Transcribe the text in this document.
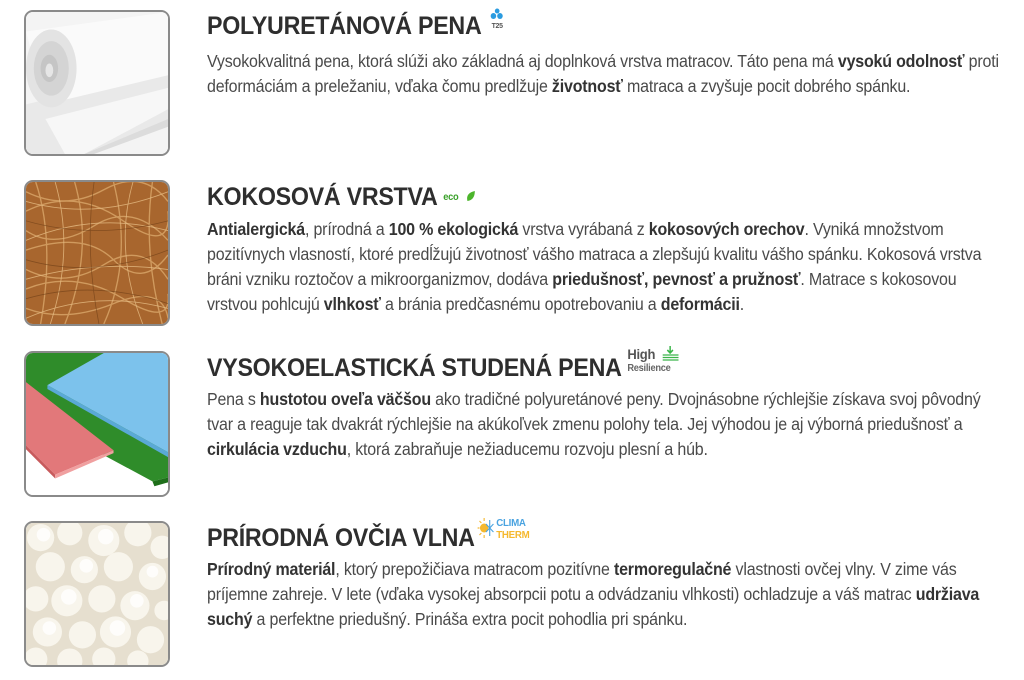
POLYURETÁNOVÁ PENA T25
Vysokokvalitná pena, ktorá slúži ako základná aj doplnková vrstva matracov. Táto pena má vysokú odolnosť proti deformáciám a preležaniu, vďaka čomu predlžuje životnosť matraca a zvyšuje pocit dobrého spánku.
KOKOSOVÁ VRSTVA eco
Antialergická, prírodná a 100 % ekologická vrstva vyrábaná z kokosových orechov. Vyniká množstvom pozitívnych vlasností, ktoré predĺžujú životnosť vášho matraca a zlepšujú kvalitu vášho spánku. Kokosová vrstva bráni vzniku roztočov a mikroorganizmov, dodáva priedušnosť, pevnosť a pružnosť. Matrace s kokosovou vrstvou pohlcujú vlhkosť a bránia predčasnému opotrebovaniu a deformácii.
VYSOKOELASTICKÁ STUDENÁ PENA High
Resilience
Pena s hustotou oveľa väčšou ako tradičné polyuretánové peny. Dvojnásobne rýchlejšie získava svoj pôvodný tvar a reaguje tak dvakrát rýchlejšie na akúkoľvek zmenu polohy tela. Jej výhodou je aj výborná priedušnosť a cirkulácia vzduchu, ktorá zabraňuje nežiaducemu rozvoju plesní a húb.
PRÍRODNÁ OVČIA VLNA
CLIMA
THERM
Prírodný materiál, ktorý prepožičiava matracom pozitívne termoregulačné vlastnosti ovčej vlny. V zime vás príjemne zahreje. V lete (vďaka vysokej absorpcii potu a odvádzaniu vlhkosti) ochladzuje a váš matrac udržiava suchý a perfektne priedušný. Prináša extra pocit pohodlia pri spánku.
